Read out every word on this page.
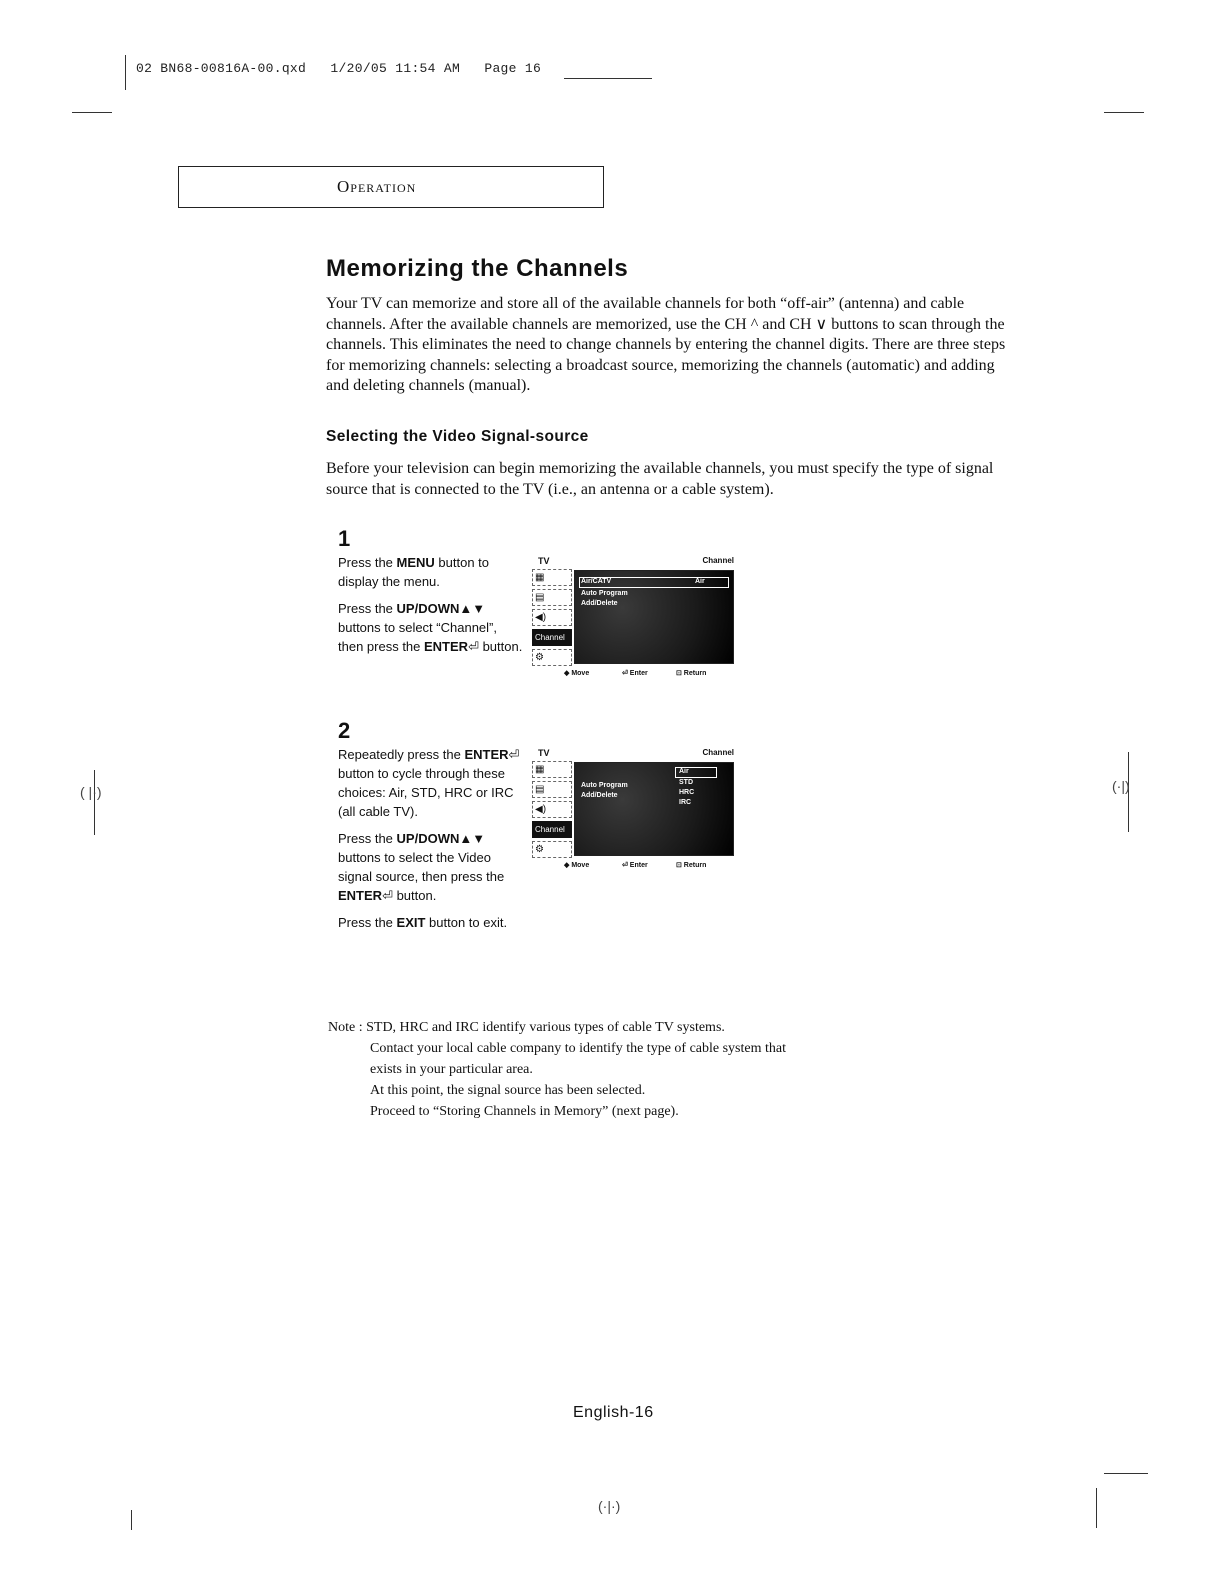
( |·)	(·|)
(·|·)
02 BN68-00816A-00.qxd   1/20/05 11:54 AM   Page 16
Operation
Memorizing the Channels
Your TV can memorize and store all of the available channels for both “off-air” (antenna) and cable channels. After the available channels are memorized, use the CH ^ and CH ∨ buttons to scan through the channels. This eliminates the need to change channels by entering the channel digits. There are three steps for memorizing channels: selecting a broadcast source, memorizing the channels (automatic) and adding and deleting channels (manual).
Selecting the Video Signal-source
Before your television can begin memorizing the available channels, you must specify the type of signal source that is connected to the TV (i.e., an antenna or a cable system).
1

Press the MENU button to display the menu.

Press the UP/DOWN▲▼ buttons to select “Channel”, then press the ENTER⏎ button.

TV	Channel
▦
▤
◀)
Channel
⚙
Air/CATV	Air
Auto Program
Add/Delete
◆ Move	⏎ Enter	⊡ Return
2

Repeatedly press the ENTER⏎ button to cycle through these choices: Air, STD, HRC or IRC (all cable TV).

Press the UP/DOWN▲▼ buttons to select the Video signal source, then press the ENTER⏎ button.

Press the EXIT button to exit.

TV	Channel
▦
▤
◀)
Channel
⚙
Air
STD
HRC
IRC
Auto Program
Add/Delete
◆ Move	⏎ Enter	⊡ Return
Note : STD, HRC and IRC identify various types of cable TV systems.
Contact your local cable company to identify the type of cable system that
exists in your particular area.
At this point, the signal source has been selected.
Proceed to “Storing Channels in Memory” (next page).
English-16
